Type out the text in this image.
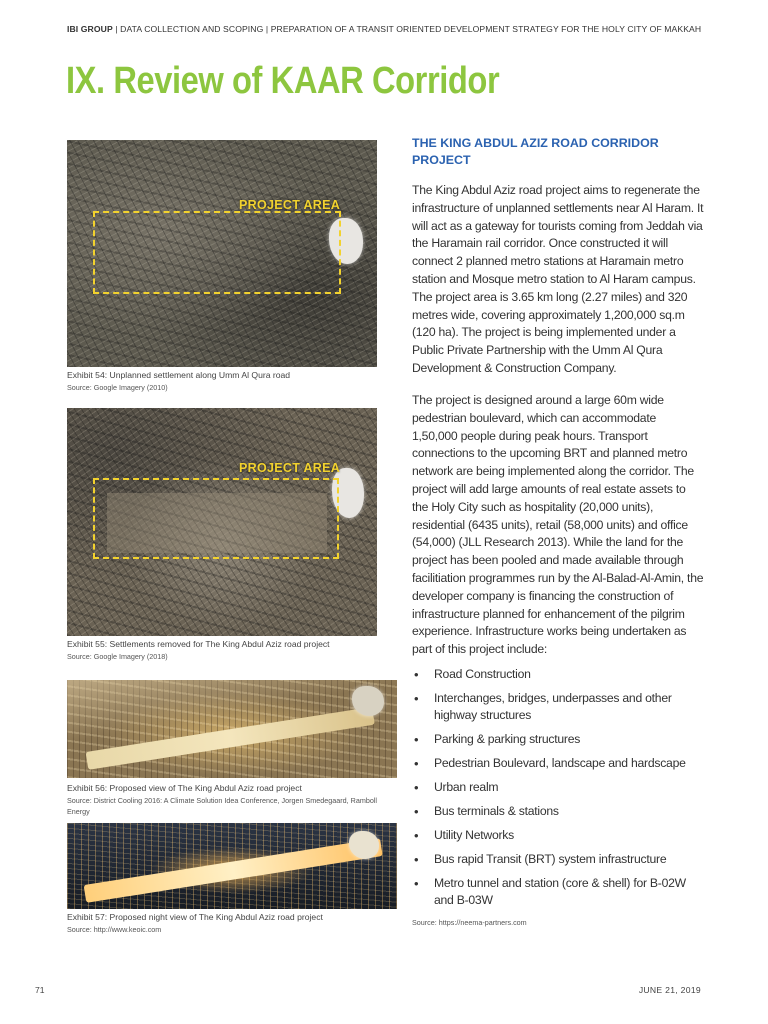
IBI GROUP | DATA COLLECTION AND SCOPING | PREPARATION OF A TRANSIT ORIENTED DEVELOPMENT STRATEGY FOR THE HOLY CITY OF MAKKAH
IX. Review of KAAR Corridor
PROJECT AREA
Exhibit 54: Unplanned settlement along Umm Al Qura road
Source: Google Imagery (2010)
PROJECT AREA
Exhibit 55: Settlements removed for The King Abdul Aziz road project
Source: Google Imagery (2018)
Exhibit 56: Proposed view of The King Abdul Aziz road project
Source: District Cooling 2016: A Climate Solution Idea Conference, Jorgen Smedegaard, Ramboll Energy
Exhibit 57: Proposed night view of The King Abdul Aziz road project
Source: http://www.keoic.com
THE KING ABDUL AZIZ ROAD CORRIDOR PROJECT
The King Abdul Aziz road project aims to regenerate the infrastructure of unplanned settlements near Al Haram. It will act as a gateway for tourists coming from Jeddah via the Haramain rail corridor. Once constructed it will connect 2 planned metro stations at Haramain metro station and Mosque metro station to Al Haram campus. The project area is 3.65 km long (2.27 miles) and 320 metres wide, covering approximately 1,200,000 sq.m (120 ha). The project is being implemented under a Public Private Partnership with the Umm Al Qura Development & Construction Company.
The project is designed around a large 60m wide pedestrian boulevard, which can accommodate 1,50,000 people during peak hours. Transport connections to the upcoming BRT and planned metro network are being implemented along the corridor. The project will add large amounts of real estate assets to the Holy City such as hospitality (20,000 units), residential (6435 units), retail (58,000 units) and office (54,000) (JLL Research 2013). While the land for the project has been pooled and made available through facilitiation programmes run by the Al-Balad-Al-Amin, the developer company is financing the construction of infrastructure planned for enhancement of the pilgrim experience. Infrastructure works being undertaken as part of this project include:
• Road Construction
• Interchanges, bridges, underpasses and other highway structures
• Parking & parking structures
• Pedestrian Boulevard, landscape and hardscape
• Urban realm
• Bus terminals & stations
• Utility Networks
• Bus rapid Transit (BRT) system infrastructure
• Metro tunnel and station (core & shell) for B-02W and B-03W
Source: https://neema-partners.com
71	JUNE 21, 2019
